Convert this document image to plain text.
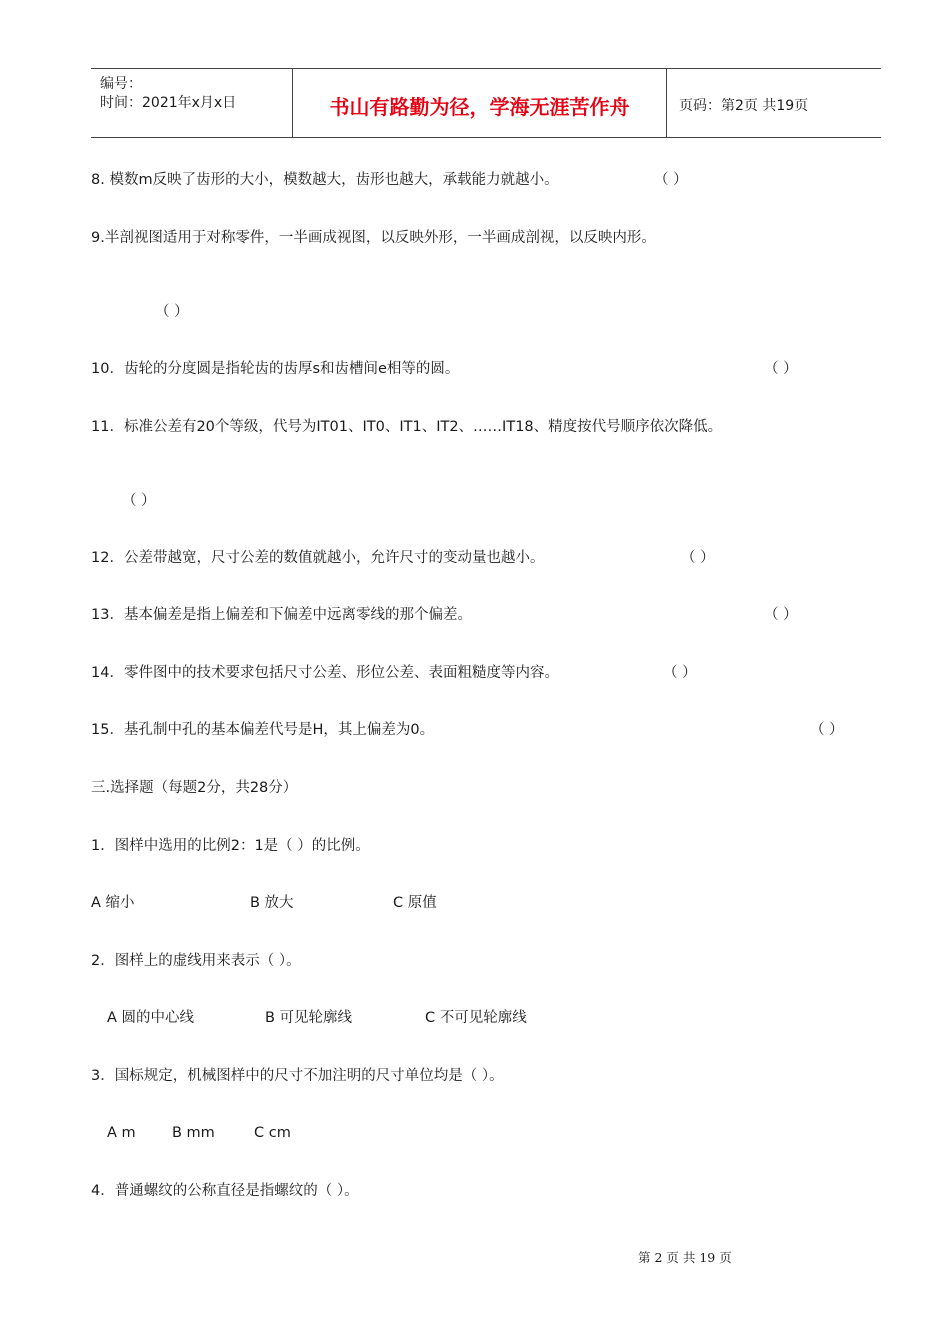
编号：
时间：2021年x月x日	书山有路勤为径，学海无涯苦作舟	页码：第2页 共19页
8. 模数m反映了齿形的大小，模数越大，齿形也越大，承载能力就越小。	（ ）
9.半剖视图适用于对称零件，一半画成视图，以反映外形，一半画成剖视，以反映内形。
（ ）
10．齿轮的分度圆是指轮齿的齿厚s和齿槽间e相等的圆。	（ ）
11．标准公差有20个等级，代号为IT01、IT0、IT1、IT2、……IT18、精度按代号顺序依次降低。
（ ）
12．公差带越宽，尺寸公差的数值就越小，允许尺寸的变动量也越小。	（ ）
13．基本偏差是指上偏差和下偏差中远离零线的那个偏差。	（ ）
14．零件图中的技术要求包括尺寸公差、形位公差、表面粗糙度等内容。	（ ）
15．基孔制中孔的基本偏差代号是H，其上偏差为0。	（ ）
三.选择题（每题2分，共28分）
1．图样中选用的比例2：1是（ ）的比例。
A 缩小	B 放大	C 原值
2．图样上的虚线用来表示（ ）。
A 圆的中心线	B 可见轮廓线	C 不可见轮廓线
3．国标规定，机械图样中的尺寸不加注明的尺寸单位均是（ ）。
A m	B mm	C cm
4．普通螺纹的公称直径是指螺纹的（ ）。
第 2 页 共 19 页
